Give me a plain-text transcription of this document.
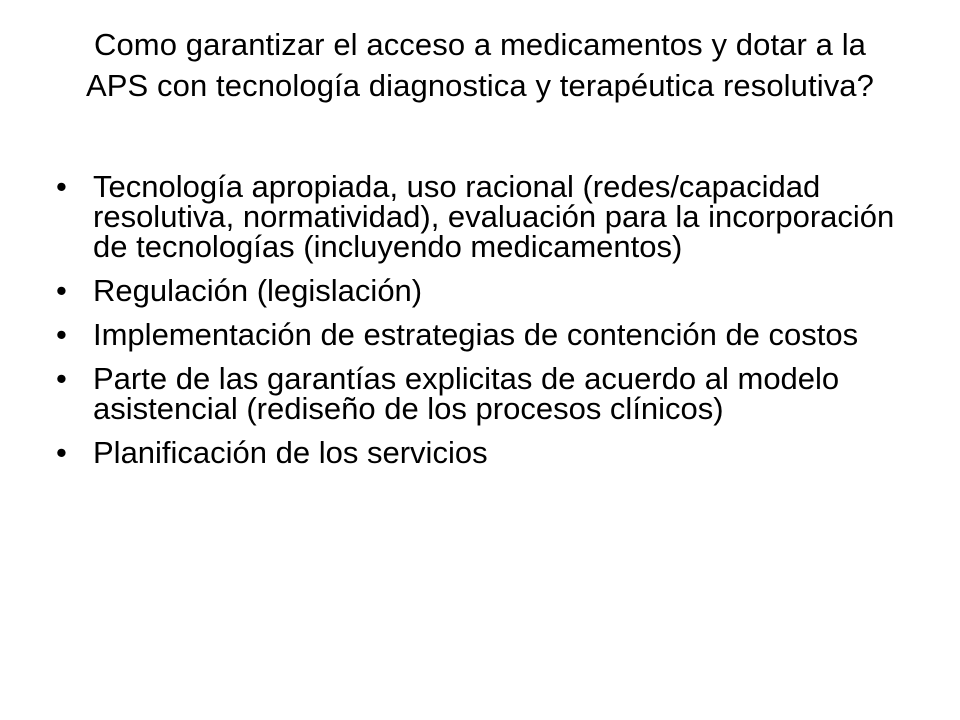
Como garantizar el acceso a medicamentos y dotar a la APS con tecnología diagnostica y terapéutica resolutiva?
• Tecnología apropiada, uso racional (redes/capacidad resolutiva, normatividad), evaluación para la incorporación de tecnologías (incluyendo medicamentos)
• Regulación (legislación)
• Implementación de estrategias de contención de costos
• Parte de las garantías explicitas de acuerdo al modelo asistencial (rediseño de los procesos clínicos)
• Planificación de los servicios
